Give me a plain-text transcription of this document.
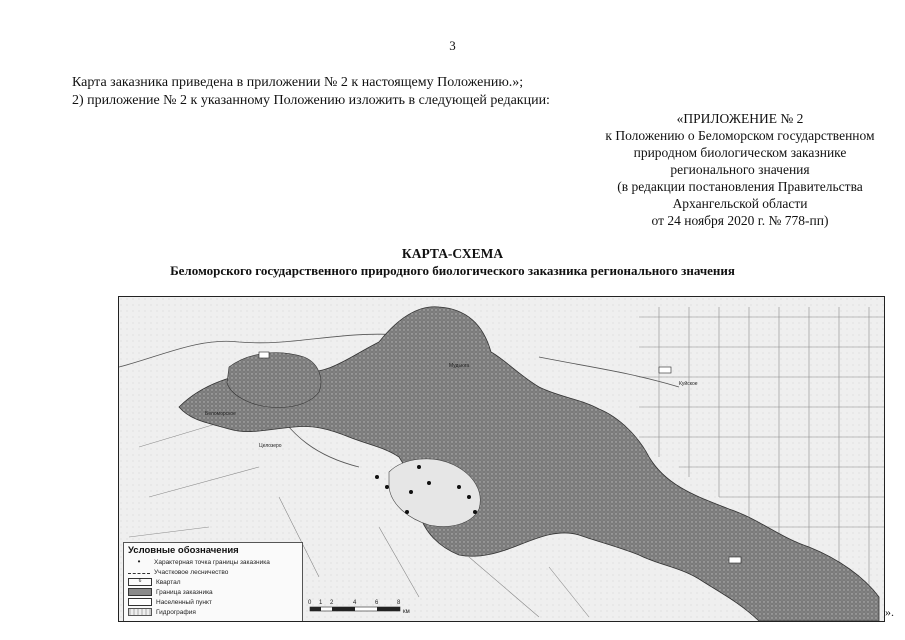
3
Карта заказника приведена в приложении № 2 к настоящему Положению.»;
2) приложение № 2 к указанному Положению изложить в следующей редакции:
«ПРИЛОЖЕНИЕ № 2
к Положению о Беломорском государственном
природном биологическом заказнике
регионального значения
(в редакции постановления Правительства
Архангельской области
от 24 ноября 2020 г. № 778-пп)
КАРТА-СХЕМА
Беломорского государственного природного биологического заказника регионального значения
Условные обозначения
• Характерная точка границы заказника
Участковое лесничество
6 Квартал
Граница заказника
Населенный пункт
Гидрография
0 1 2	4	6	8
км
Беломорское
Целозеро
Мудьюга
Куйское
».
